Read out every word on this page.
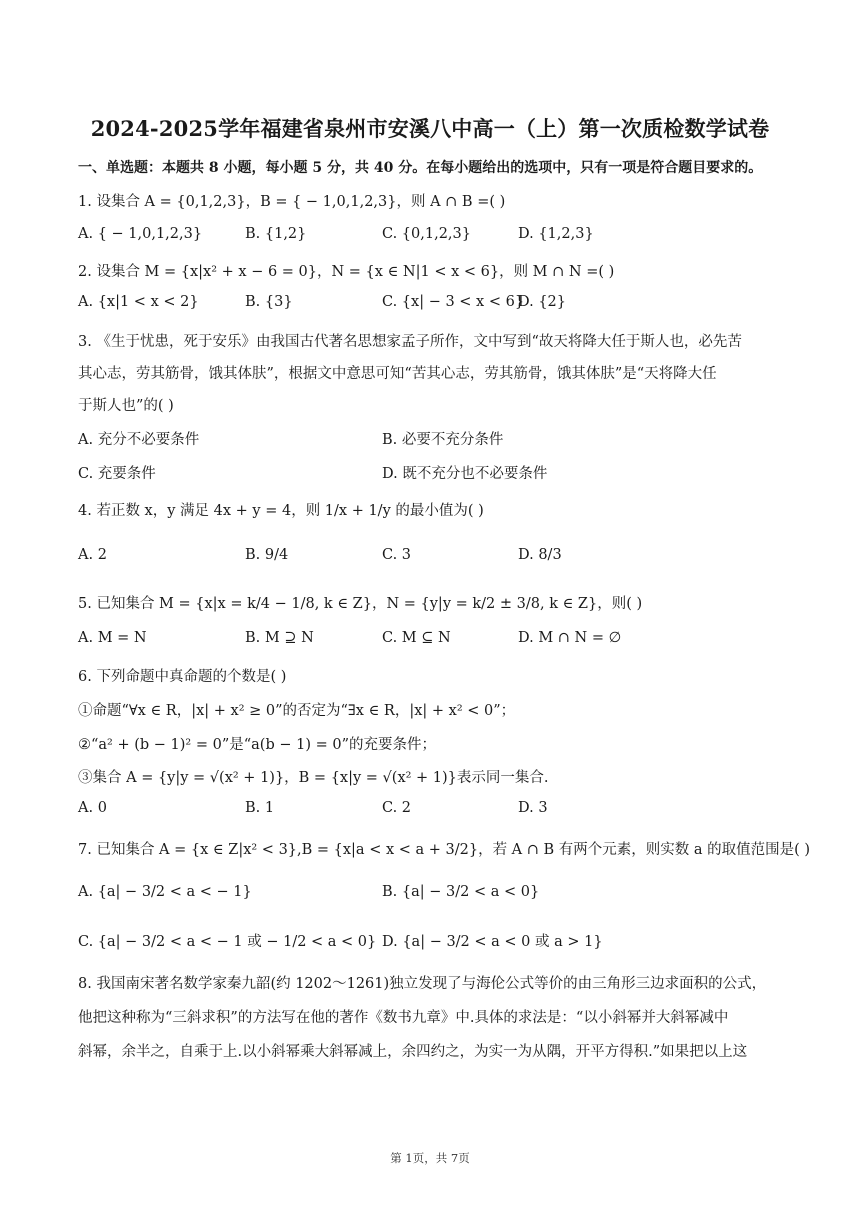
2024-2025学年福建省泉州市安溪八中高一（上）第一次质检数学试卷
一、单选题：本题共 8 小题，每小题 5 分，共 40 分。在每小题给出的选项中，只有一项是符合题目要求的。
1. 设集合 A = {0,1,2,3}，B = { − 1,0,1,2,3}，则 A ∩ B =( )
A. { − 1,0,1,2,3}	B. {1,2}	C. {0,1,2,3}	D. {1,2,3}
2. 设集合 M = {x|x² + x − 6 = 0}，N = {x ∈ N|1 < x < 6}，则 M ∩ N =( )
A. {x|1 < x < 2}	B. {3}	C. {x| − 3 < x < 6}
D. {2}
3. 《生于忧患，死于安乐》由我国古代著名思想家孟子所作，文中写到“故天将降大任于斯人也，必先苦
其心志，劳其筋骨，饿其体肤”，根据文中意思可知“苦其心志，劳其筋骨，饿其体肤”是“天将降大任
于斯人也”的( )
A. 充分不必要条件	B. 必要不充分条件
C. 充要条件	D. 既不充分也不必要条件
4. 若正数 x，y 满足 4x + y = 4，则 1/x + 1/y 的最小值为( )
A. 2	B. 9/4	C. 3	D. 8/3
5. 已知集合 M = {x|x = k/4 − 1/8, k ∈ Z}，N = {y|y = k/2 ± 3/8, k ∈ Z}，则( )
A. M = N	B. M ⊇ N	C. M ⊆ N	D. M ∩ N = ∅
6. 下列命题中真命题的个数是( )
①命题“∀x ∈ R，|x| + x² ≥ 0”的否定为“∃x ∈ R，|x| + x² < 0”；
②“a² + (b − 1)² = 0”是“a(b − 1) = 0”的充要条件；
③集合 A = {y|y = √(x² + 1)}，B = {x|y = √(x² + 1)}表示同一集合.
A. 0	B. 1	C. 2	D. 3
7. 已知集合 A = {x ∈ Z|x² < 3},B = {x|a < x < a + 3/2}，若 A ∩ B 有两个元素，则实数 a 的取值范围是( )
A. {a| − 3/2 < a < − 1}	B. {a| − 3/2 < a < 0}
C. {a| − 3/2 < a < − 1 或 − 1/2 < a < 0} D. {a| − 3/2 < a < 0 或 a > 1}
8. 我国南宋著名数学家秦九韶(约 1202～1261)独立发现了与海伦公式等价的由三角形三边求面积的公式，
他把这种称为“三斜求积”的方法写在他的著作《数书九章》中.具体的求法是：“以小斜幂并大斜幂减中
斜幂，余半之，自乘于上.以小斜幂乘大斜幂减上，余四约之，为实一为从隅，开平方得积.”如果把以上这
第 1页，共 7页
